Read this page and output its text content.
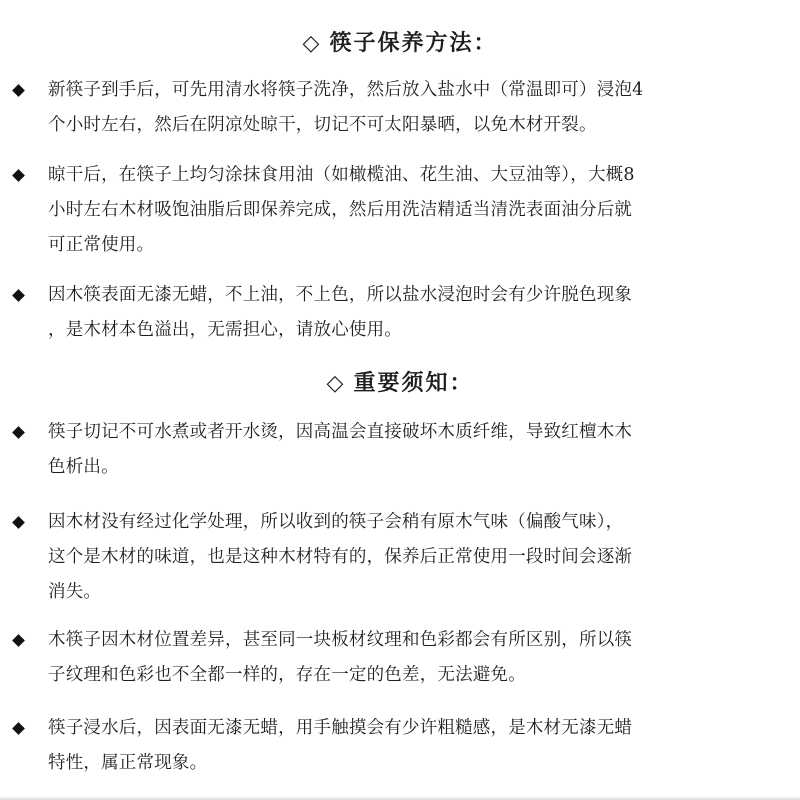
◇ 筷子保养方法：
新筷子到手后，可先用清水将筷子洗净，然后放入盐水中（常温即可）浸泡4
个小时左右，然后在阴凉处晾干，切记不可太阳暴晒，以免木材开裂。
晾干后，在筷子上均匀涂抹食用油（如橄榄油、花生油、大豆油等），大概8
小时左右木材吸饱油脂后即保养完成，然后用洗洁精适当清洗表面油分后就
可正常使用。
因木筷表面无漆无蜡，不上油，不上色，所以盐水浸泡时会有少许脱色现象
，是木材本色溢出，无需担心，请放心使用。
◇ 重要须知：
筷子切记不可水煮或者开水烫，因高温会直接破坏木质纤维，导致红檀木木
色析出。
因木材没有经过化学处理，所以收到的筷子会稍有原木气味（偏酸气味），
这个是木材的味道，也是这种木材特有的，保养后正常使用一段时间会逐渐
消失。
木筷子因木材位置差异，甚至同一块板材纹理和色彩都会有所区别，所以筷
子纹理和色彩也不全都一样的，存在一定的色差，无法避免。
筷子浸水后，因表面无漆无蜡，用手触摸会有少许粗糙感，是木材无漆无蜡
特性，属正常现象。
